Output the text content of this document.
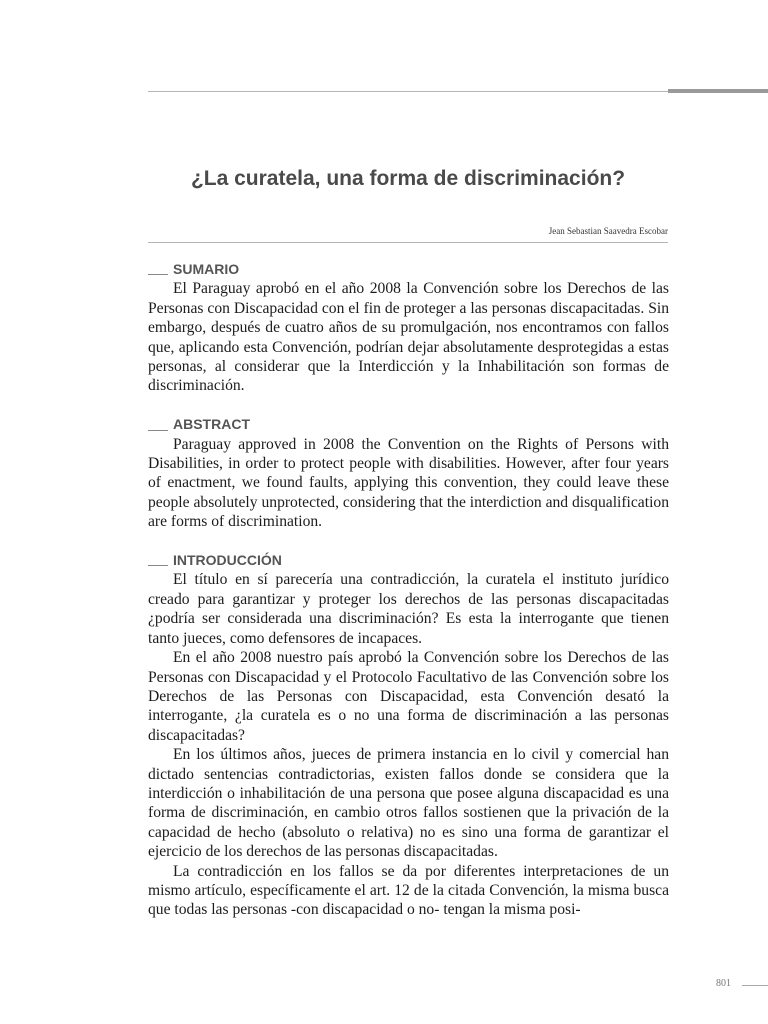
¿La curatela, una forma de discriminación?
Jean Sebastian Saavedra Escobar
SUMARIO

El Paraguay aprobó en el año 2008 la Convención sobre los Derechos de las Personas con Discapacidad con el fin de proteger a las personas discapacitadas. Sin embargo, después de cuatro años de su promulgación, nos encontramos con fallos que, aplicando esta Convención, podrían dejar absolutamente desprotegidas a estas personas, al considerar que la Interdicción y la Inhabilitación son formas de discriminación.

ABSTRACT

Paraguay approved in 2008 the Convention on the Rights of Persons with Disabilities, in order to protect people with disabilities. However, after four years of enactment, we found faults, applying this convention, they could leave these people absolutely unprotected, considering that the interdiction and disqualification are forms of discrimination.

INTRODUCCIÓN

El título en sí parecería una contradicción, la curatela el instituto jurídico creado para garantizar y proteger los derechos de las personas discapacitadas ¿podría ser considerada una discriminación? Es esta la interrogante que tienen tanto jueces, como defensores de incapaces.

En el año 2008 nuestro país aprobó la Convención sobre los Derechos de las Personas con Discapacidad y el Protocolo Facultativo de las Convención sobre los Derechos de las Personas con Discapacidad, esta Convención desató la interrogante, ¿la curatela es o no una forma de discriminación a las personas discapacitadas?

En los últimos años, jueces de primera instancia en lo civil y comercial han dictado sentencias contradictorias, existen fallos donde se considera que la interdicción o inhabilitación de una persona que posee alguna discapacidad es una forma de discriminación, en cambio otros fallos sostienen que la privación de la capacidad de hecho (absoluto o relativa) no es sino una forma de garantizar el ejercicio de los derechos de las personas discapacitadas.

La contradicción en los fallos se da por diferentes interpretaciones de un mismo artículo, específicamente el art. 12 de la citada Convención, la misma busca que todas las personas -con discapacidad o no- tengan la misma posi-

801
